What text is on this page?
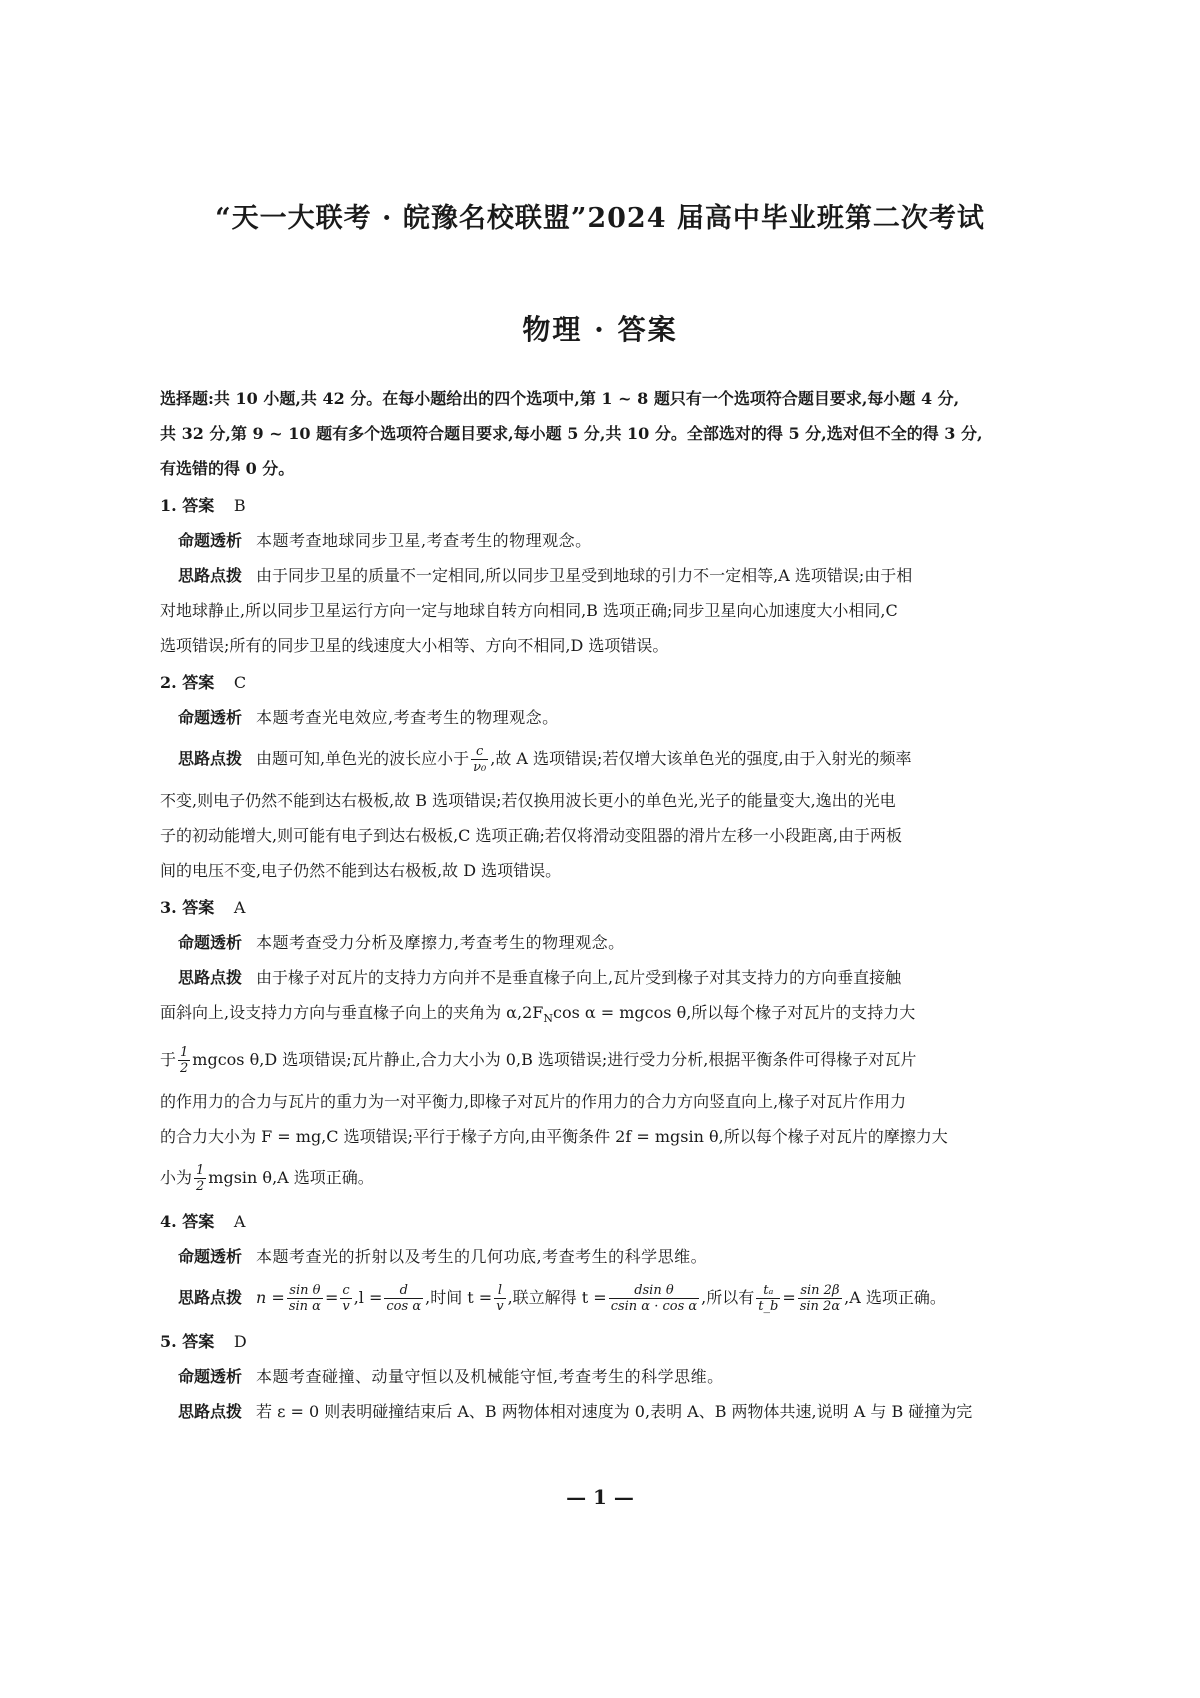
“天一大联考 · 皖豫名校联盟”2024 届高中毕业班第二次考试
物理 · 答案

选择题:共 10 小题,共 42 分。在每小题给出的四个选项中,第 1 ~ 8 题只有一个选项符合题目要求,每小题 4 分,

共 32 分,第 9 ~ 10 题有多个选项符合题目要求,每小题 5 分,共 10 分。全部选对的得 5 分,选对但不全的得 3 分,

有选错的得 0 分。

1. 答案 B
命题透析 本题考查地球同步卫星,考查考生的物理观念。
思路点拨 由于同步卫星的质量不一定相同,所以同步卫星受到地球的引力不一定相等,A 选项错误;由于相
对地球静止,所以同步卫星运行方向一定与地球自转方向相同,B 选项正确;同步卫星向心加速度大小相同,C
选项错误;所有的同步卫星的线速度大小相等、方向不相同,D 选项错误。
2. 答案 C
命题透析 本题考查光电效应,考查考生的物理观念。
思路点拨 由题可知,单色光的波长应小于 $\frac{c}{\text{ν₀}}$ ,故 A 选项错误;若仅增大该单色光的强度,由于入射光的频率
不变,则电子仍然不能到达右极板,故 B 选项错误;若仅换用波长更小的单色光,光子的能量变大,逸出的光电
子的初动能增大,则可能有电子到达右极板,C 选项正确;若仅将滑动变阻器的滑片左移一小段距离,由于两板
间的电压不变,电子仍然不能到达右极板,故 D 选项错误。
3. 答案 A
命题透析 本题考查受力分析及摩擦力,考查考生的物理观念。
思路点拨 由于椽子对瓦片的支持力方向并不是垂直椽子向上,瓦片受到椽子对其支持力的方向垂直接触
面斜向上,设支持力方向与垂直椽子向上的夹角为 $\alpha,2F_N\cos$ α = mgcos θ,所以每个椽子对瓦片的支持力大
于 $\frac{1}{2}$ mgcos θ,D 选项错误;瓦片静止,合力大小为 0,B 选项错误;进行受力分析,根据平衡条件可得椽子对瓦片
的作用力的合力与瓦片的重力为一对平衡力,即椽子对瓦片的作用力的合力方向竖直向上,椽子对瓦片作用力
的合力大小为 F = mg,C 选项错误;平行于椽子方向,由平衡条件 2f = mgsin θ,所以每个椽子对瓦片的摩擦力大
小为 $\frac{1}{2}$ mgsin θ,A 选项正确。
4. 答案 A
命题透析 本题考查光的折射以及考生的几何功底,考查考生的科学思维。
思路点拨 $n = \frac{\text{sin θ}}{\text{sin α}} = \frac{c}{v} ,l = \frac{d}{\text{cos α}}$ ,时间 $t = \frac{l}{v}$ ,联立解得 $t = \frac{\text{dsin θ}}{\text{csin α · cos α}}$ ,所以有 $\frac{\text{tₐ}}{t\_b} = \frac{\sin 2\beta}{\sin 2\alpha} ,A$ 选项正确。
5. 答案 D
命题透析 本题考查碰撞、动量守恒以及机械能守恒,考查考生的科学思维。
思路点拨 若 ε = 0 则表明碰撞结束后 A、B 两物体相对速度为 0,表明 A、B 两物体共速,说明 A 与 B 碰撞为完
— 1 —
